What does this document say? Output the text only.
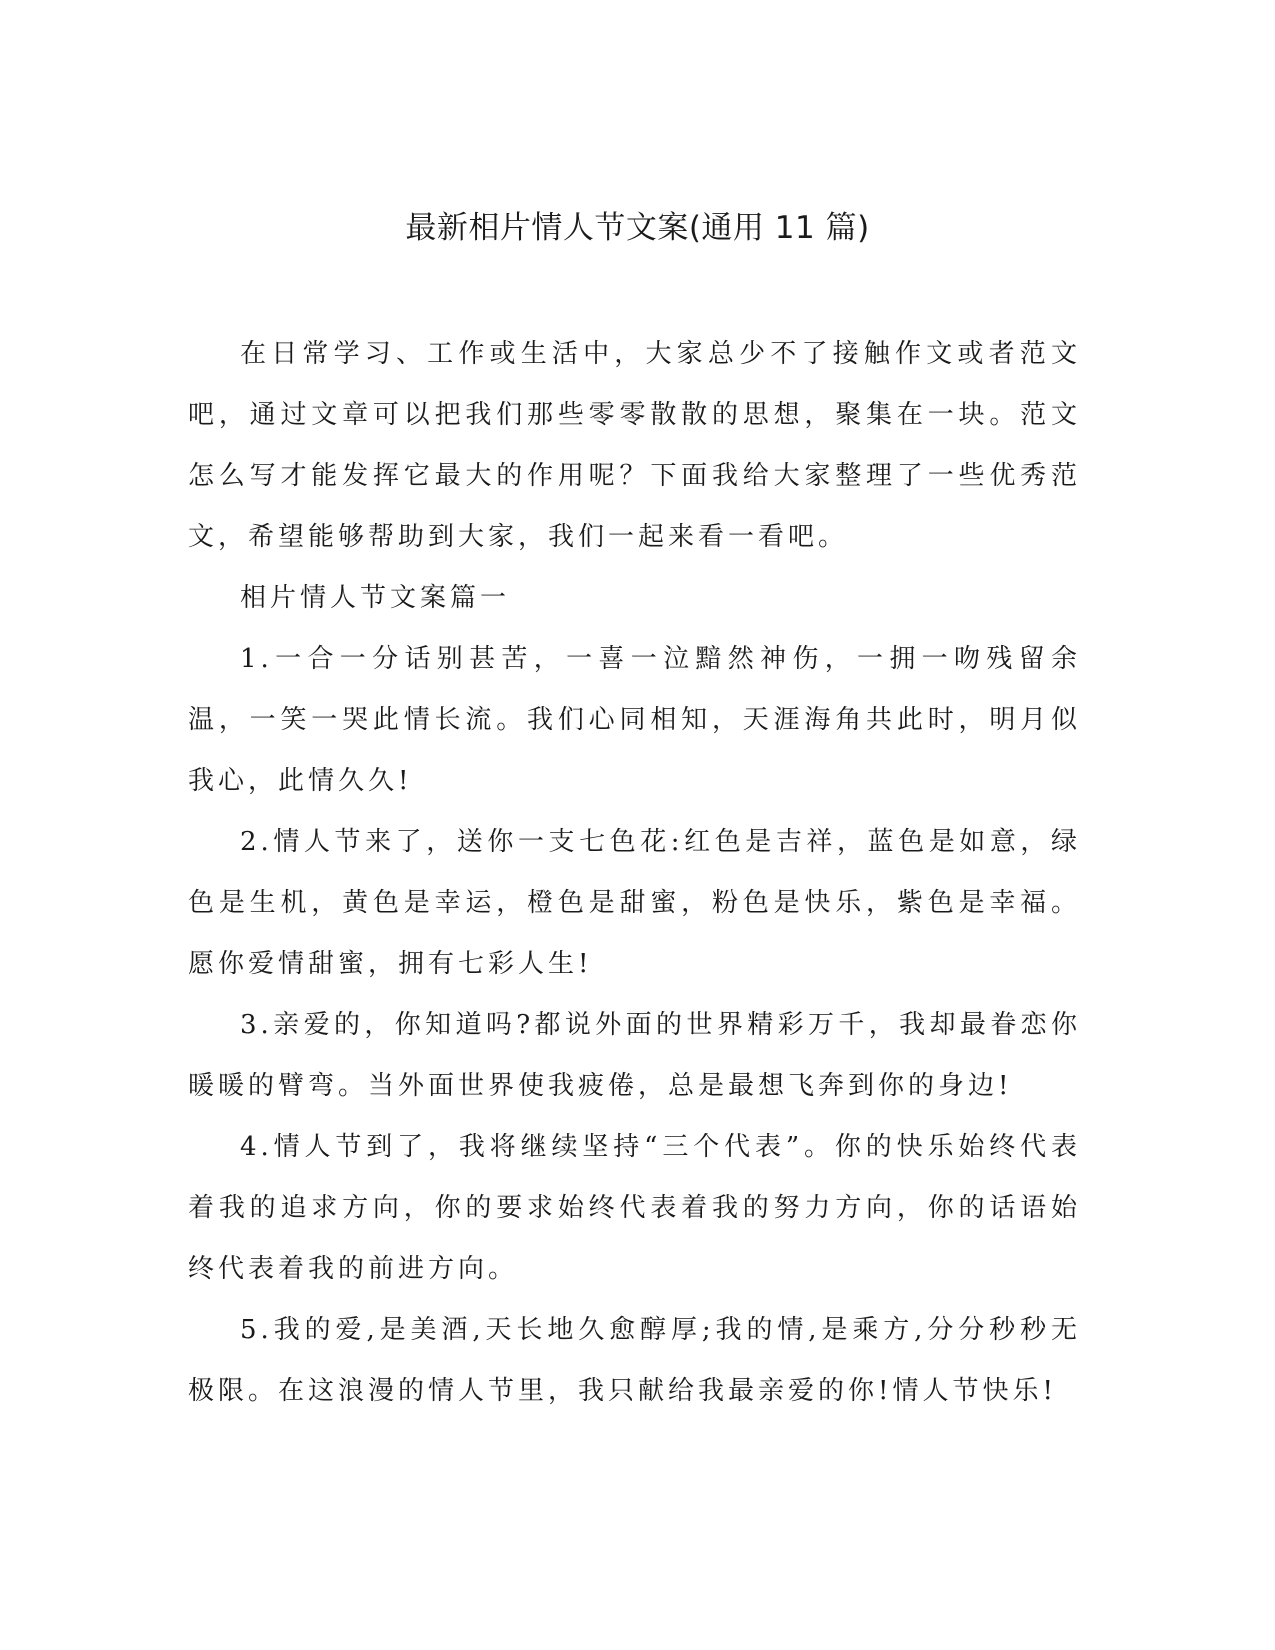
最新相片情人节文案(通用 11 篇)

在日常学习、工作或生活中，大家总少不了接触作文或者范文吧，通过文章可以把我们那些零零散散的思想，聚集在一块。范文怎么写才能发挥它最大的作用呢？下面我给大家整理了一些优秀范文，希望能够帮助到大家，我们一起来看一看吧。

相片情人节文案篇一

1.一合一分话别甚苦，一喜一泣黯然神伤，一拥一吻残留余温，一笑一哭此情长流。我们心同相知，天涯海角共此时，明月似我心，此情久久!

2.情人节来了，送你一支七色花:红色是吉祥，蓝色是如意，绿色是生机，黄色是幸运，橙色是甜蜜，粉色是快乐，紫色是幸福。愿你爱情甜蜜，拥有七彩人生!

3.亲爱的，你知道吗?都说外面的世界精彩万千，我却最眷恋你暖暖的臂弯。当外面世界使我疲倦，总是最想飞奔到你的身边!

4.情人节到了，我将继续坚持“三个代表”。你的快乐始终代表着我的追求方向，你的要求始终代表着我的努力方向，你的话语始终代表着我的前进方向。

5.我的爱,是美酒,天长地久愈醇厚;我的情,是乘方,分分秒秒无极限。在这浪漫的情人节里，我只献给我最亲爱的你!情人节快乐!
